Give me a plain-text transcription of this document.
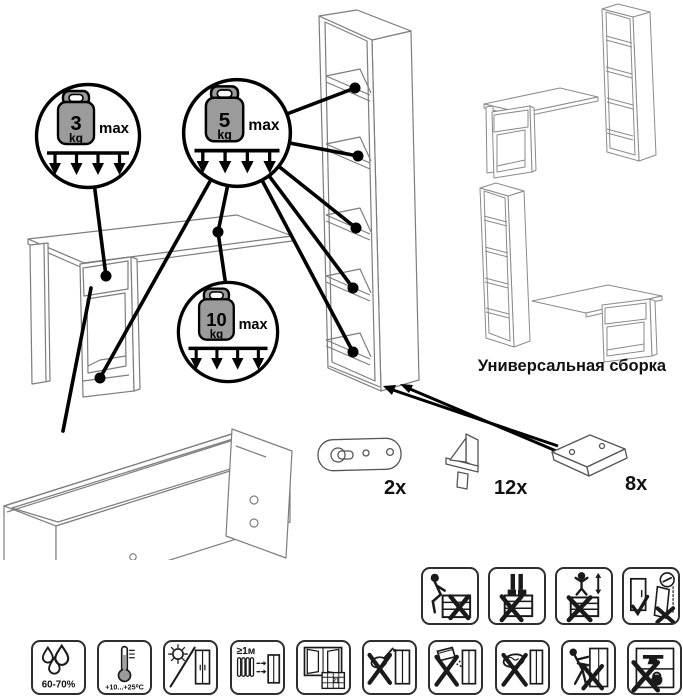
3
kg
max	5
kg
max
10
kg
max
2x	12x	8x
Универсальная сборка
60-70%	+10...+25⁰C
≥1м
21
